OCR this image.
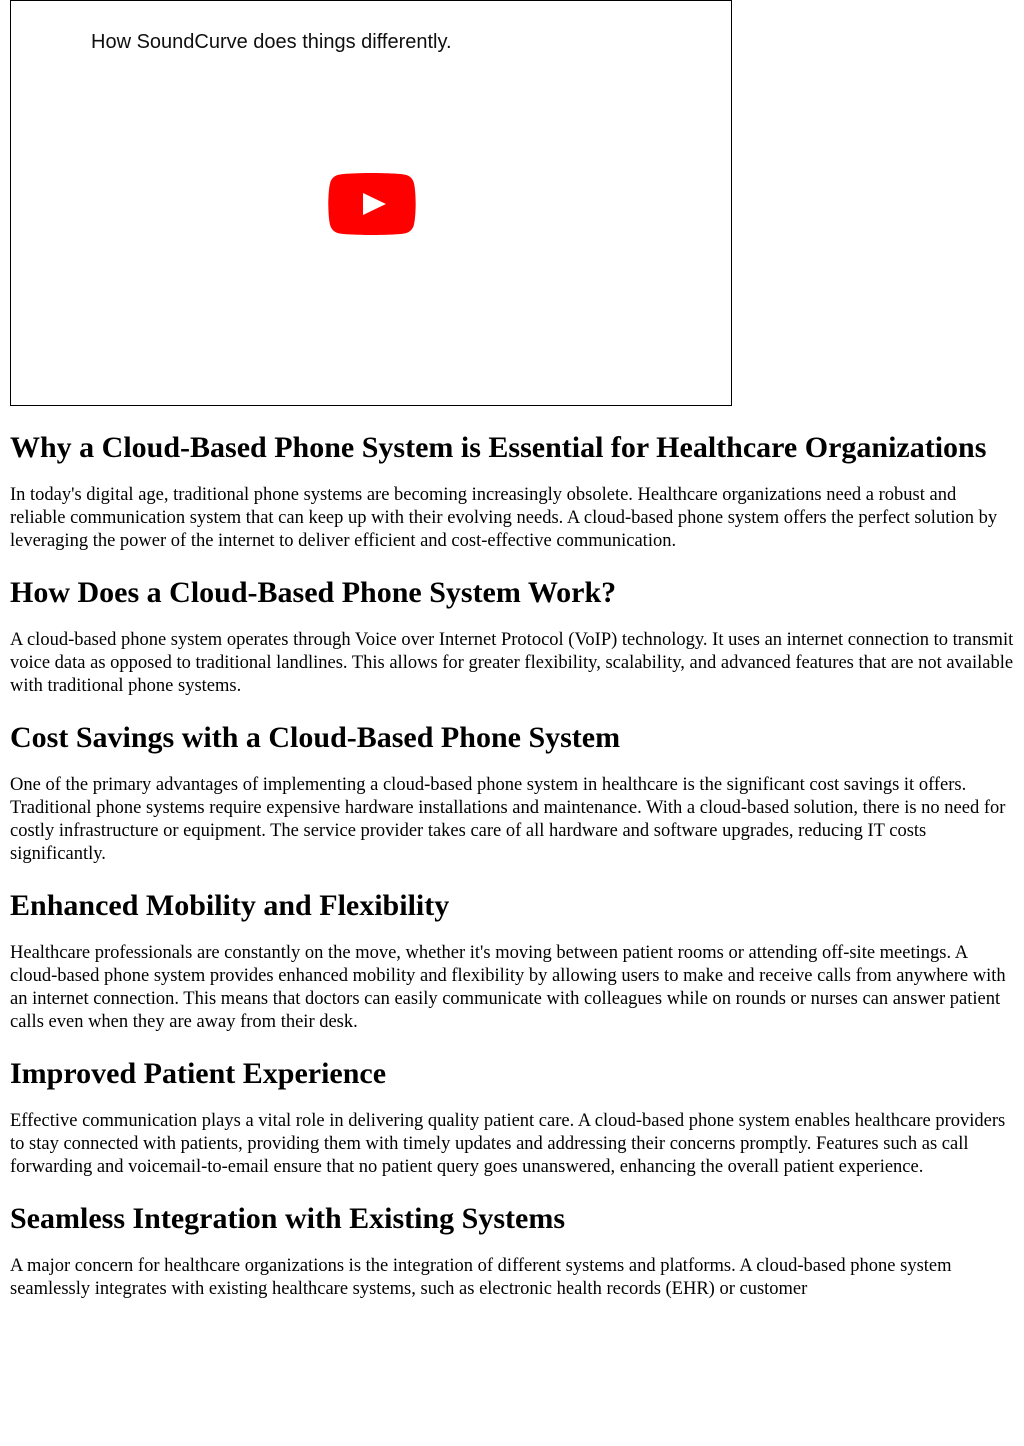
How SoundCurve does things differently.
Why a Cloud-Based Phone System is Essential for Healthcare Organizations

In today's digital age, traditional phone systems are becoming increasingly obsolete. Healthcare organizations need a robust and reliable communication system that can keep up with their evolving needs. A cloud-based phone system offers the perfect solution by leveraging the power of the internet to deliver efficient and cost-effective communication.

How Does a Cloud-Based Phone System Work?

A cloud-based phone system operates through Voice over Internet Protocol (VoIP) technology. It uses an internet connection to transmit voice data as opposed to traditional landlines. This allows for greater flexibility, scalability, and advanced features that are not available with traditional phone systems.

Cost Savings with a Cloud-Based Phone System

One of the primary advantages of implementing a cloud-based phone system in healthcare is the significant cost savings it offers. Traditional phone systems require expensive hardware installations and maintenance. With a cloud-based solution, there is no need for costly infrastructure or equipment. The service provider takes care of all hardware and software upgrades, reducing IT costs significantly.

Enhanced Mobility and Flexibility

Healthcare professionals are constantly on the move, whether it's moving between patient rooms or attending off-site meetings. A cloud-based phone system provides enhanced mobility and flexibility by allowing users to make and receive calls from anywhere with an internet connection. This means that doctors can easily communicate with colleagues while on rounds or nurses can answer patient calls even when they are away from their desk.

Improved Patient Experience

Effective communication plays a vital role in delivering quality patient care. A cloud-based phone system enables healthcare providers to stay connected with patients, providing them with timely updates and addressing their concerns promptly. Features such as call forwarding and voicemail-to-email ensure that no patient query goes unanswered, enhancing the overall patient experience.

Seamless Integration with Existing Systems

A major concern for healthcare organizations is the integration of different systems and platforms. A cloud-based phone system seamlessly integrates with existing healthcare systems, such as electronic health records (EHR) or customer
